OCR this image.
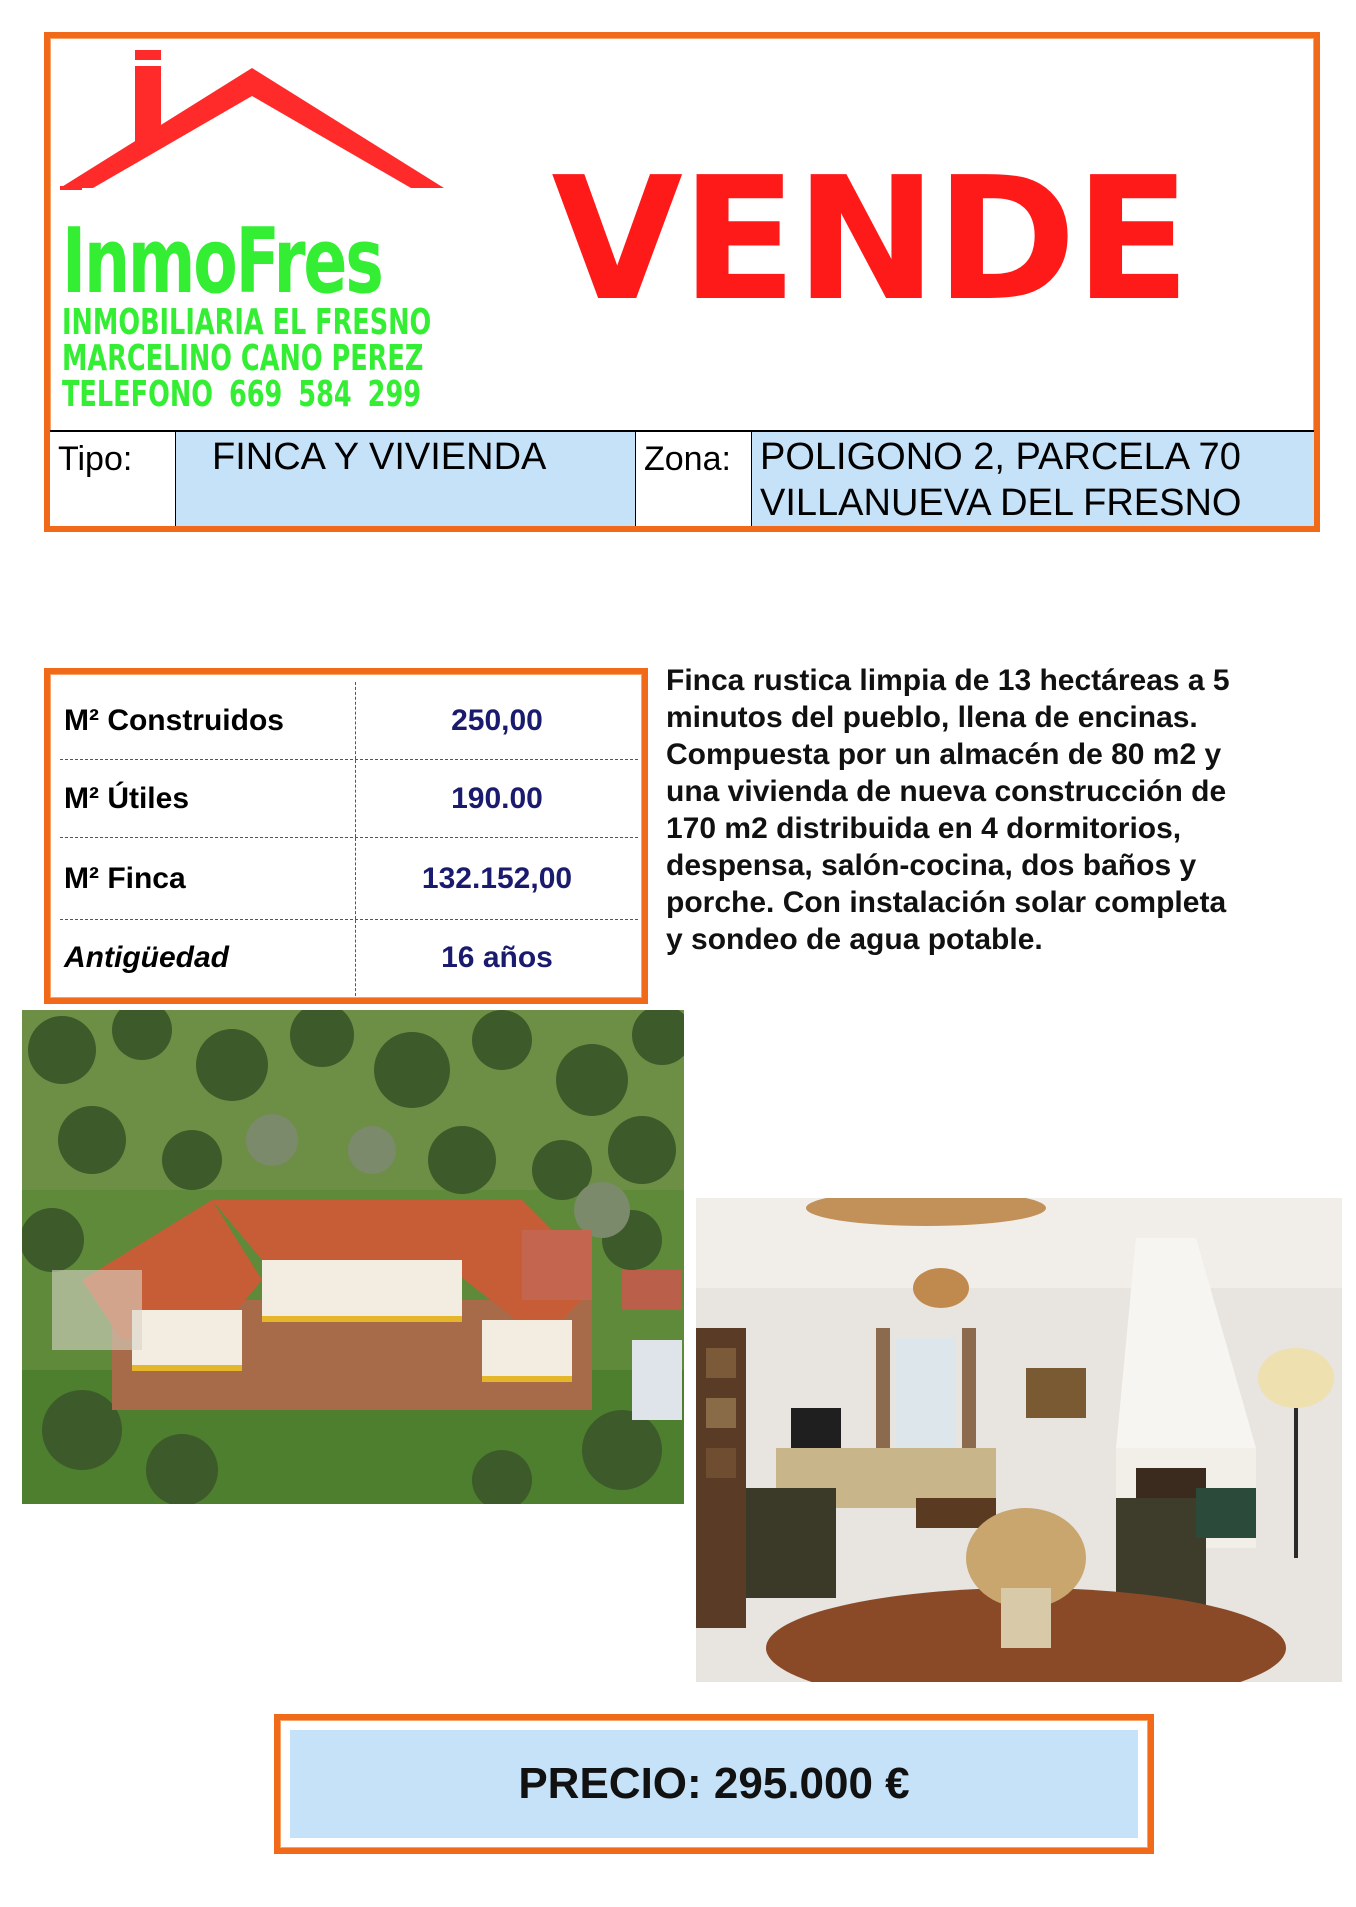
InmoFres
INMOBILIARIA EL FRESNO
MARCELINO CANO PEREZ
TELEFONO 669 584 299
VENDE
Tipo:	FINCA Y VIVIENDA	Zona: POLIGONO 2, PARCELA 70
VILLANUEVA DEL FRESNO
M² Construidos	250,00
M² Útiles	190.00
M² Finca	132.152,00
Antigüedad	16 años
Finca rustica limpia de 13 hectáreas a 5 minutos del pueblo, llena de encinas. Compuesta por un almacén de 80 m2 y una vivienda de nueva construcción de 170 m2 distribuida en 4 dormitorios, despensa, salón-cocina, dos baños y porche. Con instalación solar completa y sondeo de agua potable.
PRECIO: 295.000 €
